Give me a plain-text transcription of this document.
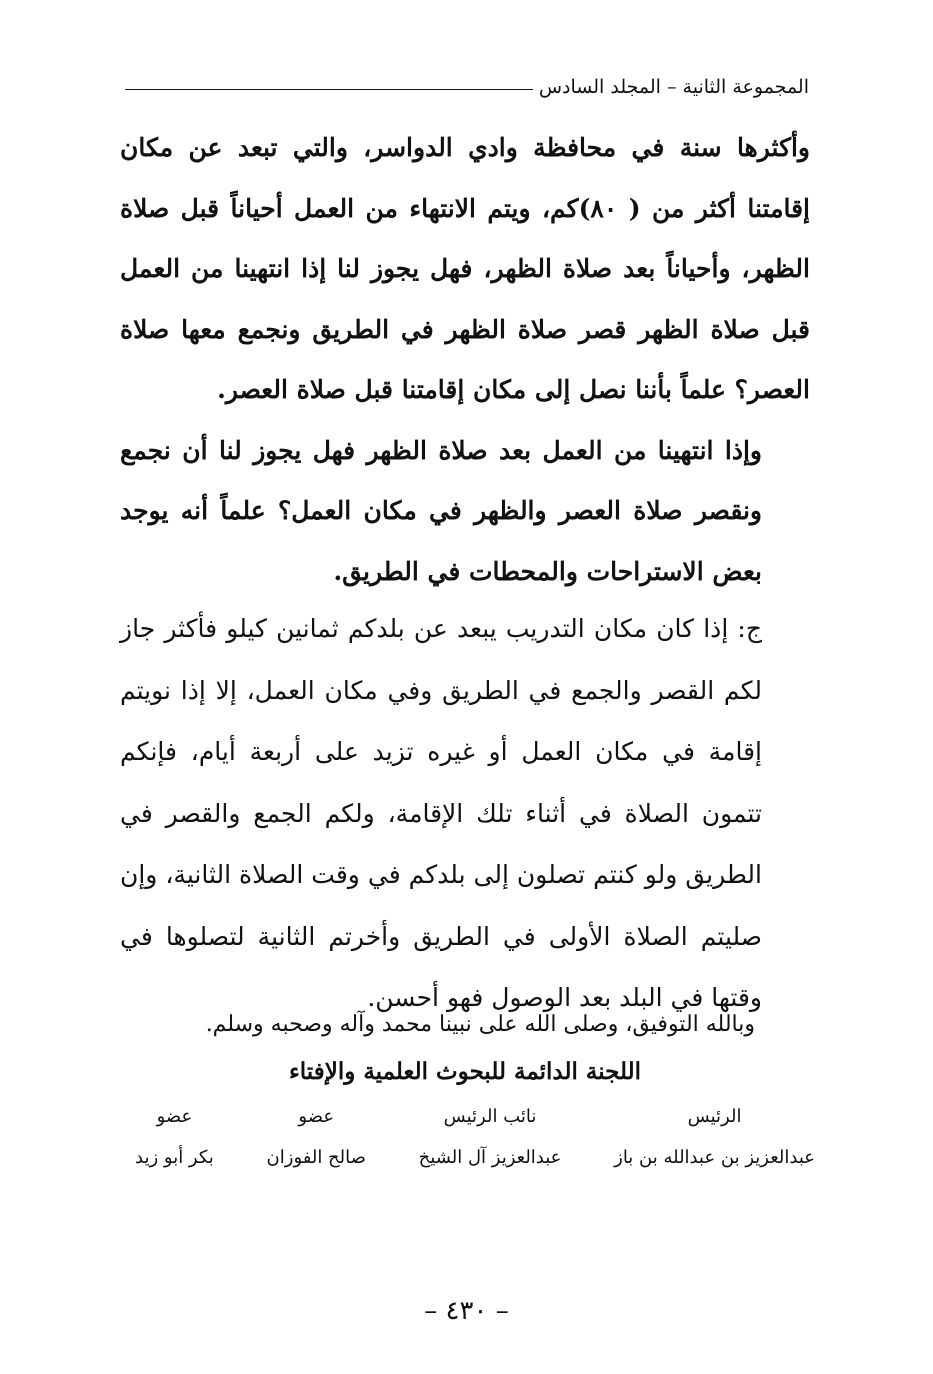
المجموعة الثانية – المجلد السادس

وأكثرها سنة في محافظة وادي الدواسر، والتي تبعد عن مكان إقامتنا أكثر من ( ٨٠)كم، ويتم الانتهاء من العمل أحياناً قبل صلاة الظهر، وأحياناً بعد صلاة الظهر، فهل يجوز لنا إذا انتهينا من العمل قبل صلاة الظهر قصر صلاة الظهر في الطريق ونجمع معها صلاة العصر؟ علماً بأننا نصل إلى مكان إقامتنا قبل صلاة العصر.

وإذا انتهينا من العمل بعد صلاة الظهر فهل يجوز لنا أن نجمع ونقصر صلاة العصر والظهر في مكان العمل؟ علماً أنه يوجد بعض الاستراحات والمحطات في الطريق.

ج: إذا كان مكان التدريب يبعد عن بلدكم ثمانين كيلو فأكثر جاز لكم القصر والجمع في الطريق وفي مكان العمل، إلا إذا نويتم إقامة في مكان العمل أو غيره تزيد على أربعة أيام، فإنكم تتمون الصلاة في أثناء تلك الإقامة، ولكم الجمع والقصر في الطريق ولو كنتم تصلون إلى بلدكم في وقت الصلاة الثانية، وإن صليتم الصلاة الأولى في الطريق وأخرتم الثانية لتصلوها في وقتها في البلد بعد الوصول فهو أحسن.

وبالله التوفيق، وصلى الله على نبينا محمد وآله وصحبه وسلم.
اللجنة الدائمة للبحوث العلمية والإفتاء
الرئيس
عبدالعزيز بن عبدالله بن باز
نائب الرئيس
عبدالعزيز آل الشيخ
عضو
صالح الفوزان
عضو
بكر أبو زيد
– ٤٣٠ –
